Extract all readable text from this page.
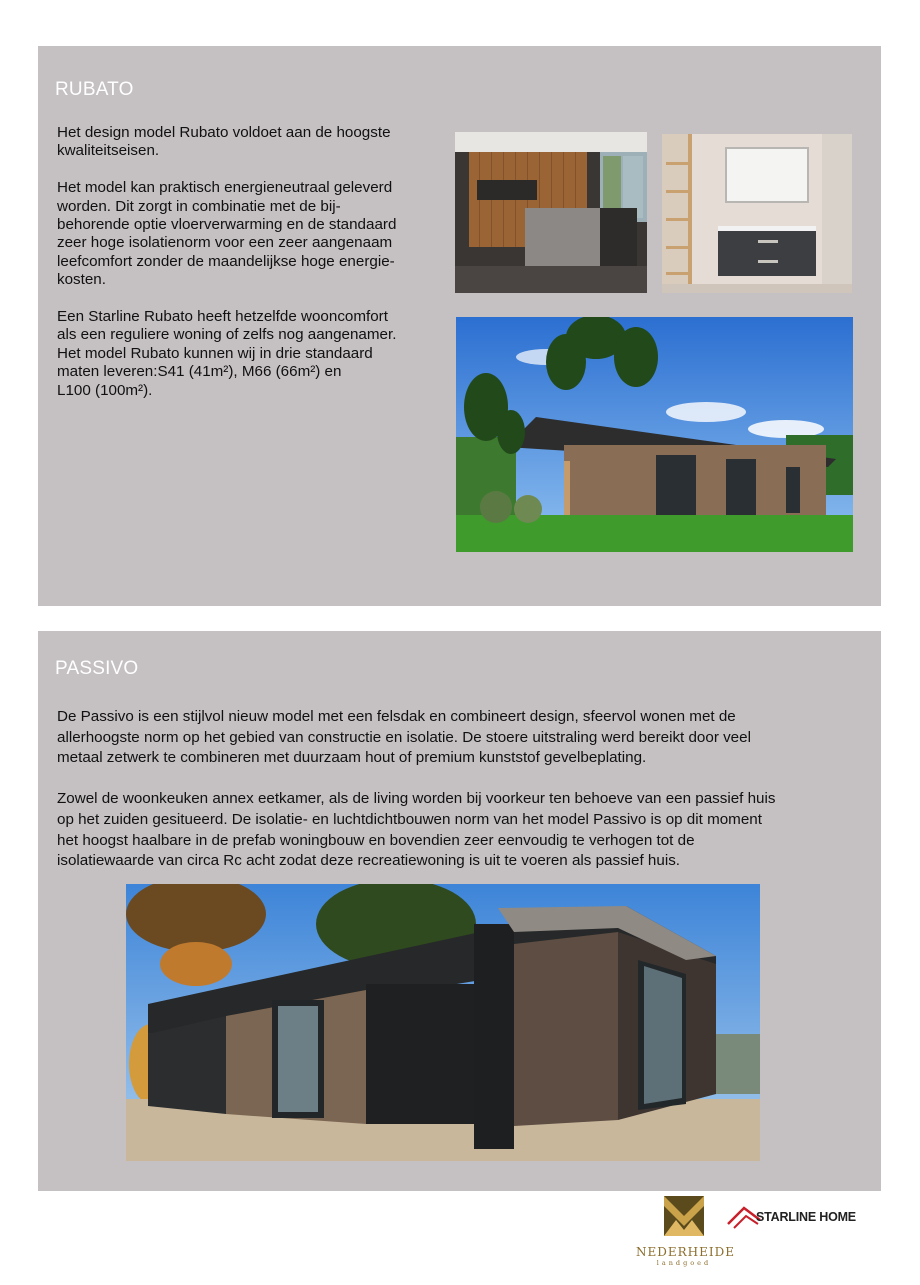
RUBATO

Het design model Rubato voldoet aan de hoogste
kwaliteitseisen.

Het model kan praktisch energieneutraal geleverd
worden. Dit zorgt in combinatie met de bij-
behorende optie vloerverwarming en de standaard
zeer hoge isolatienorm voor een zeer aangenaam
leefcomfort zonder de maandelijkse hoge energie-
kosten.

Een Starline Rubato heeft hetzelfde wooncomfort
als een reguliere woning of zelfs nog aangenamer.
Het model Rubato kunnen wij in drie standaard
maten leveren:S41 (41m²), M66 (66m²) en
L100 (100m²).

PASSIVO

De Passivo is een stijlvol nieuw model met een felsdak en combineert design, sfeervol wonen met de
allerhoogste norm op het gebied van constructie en isolatie. De stoere uitstraling werd bereikt door veel
metaal zetwerk te combineren met duurzaam hout of premium kunststof gevelbeplating.

Zowel de woonkeuken annex eetkamer, als de living worden bij voorkeur ten behoeve van een passief huis
op het zuiden gesitueerd. De isolatie- en luchtdichtbouwen norm van het model Passivo is op dit moment
het hoogst haalbare in de prefab woningbouw en bovendien zeer eenvoudig te verhogen tot de
isolatiewaarde van circa Rc acht zodat deze recreatiewoning is uit te voeren als passief huis.

NEDERHEIDE
landgoed
STARLINE HOME
